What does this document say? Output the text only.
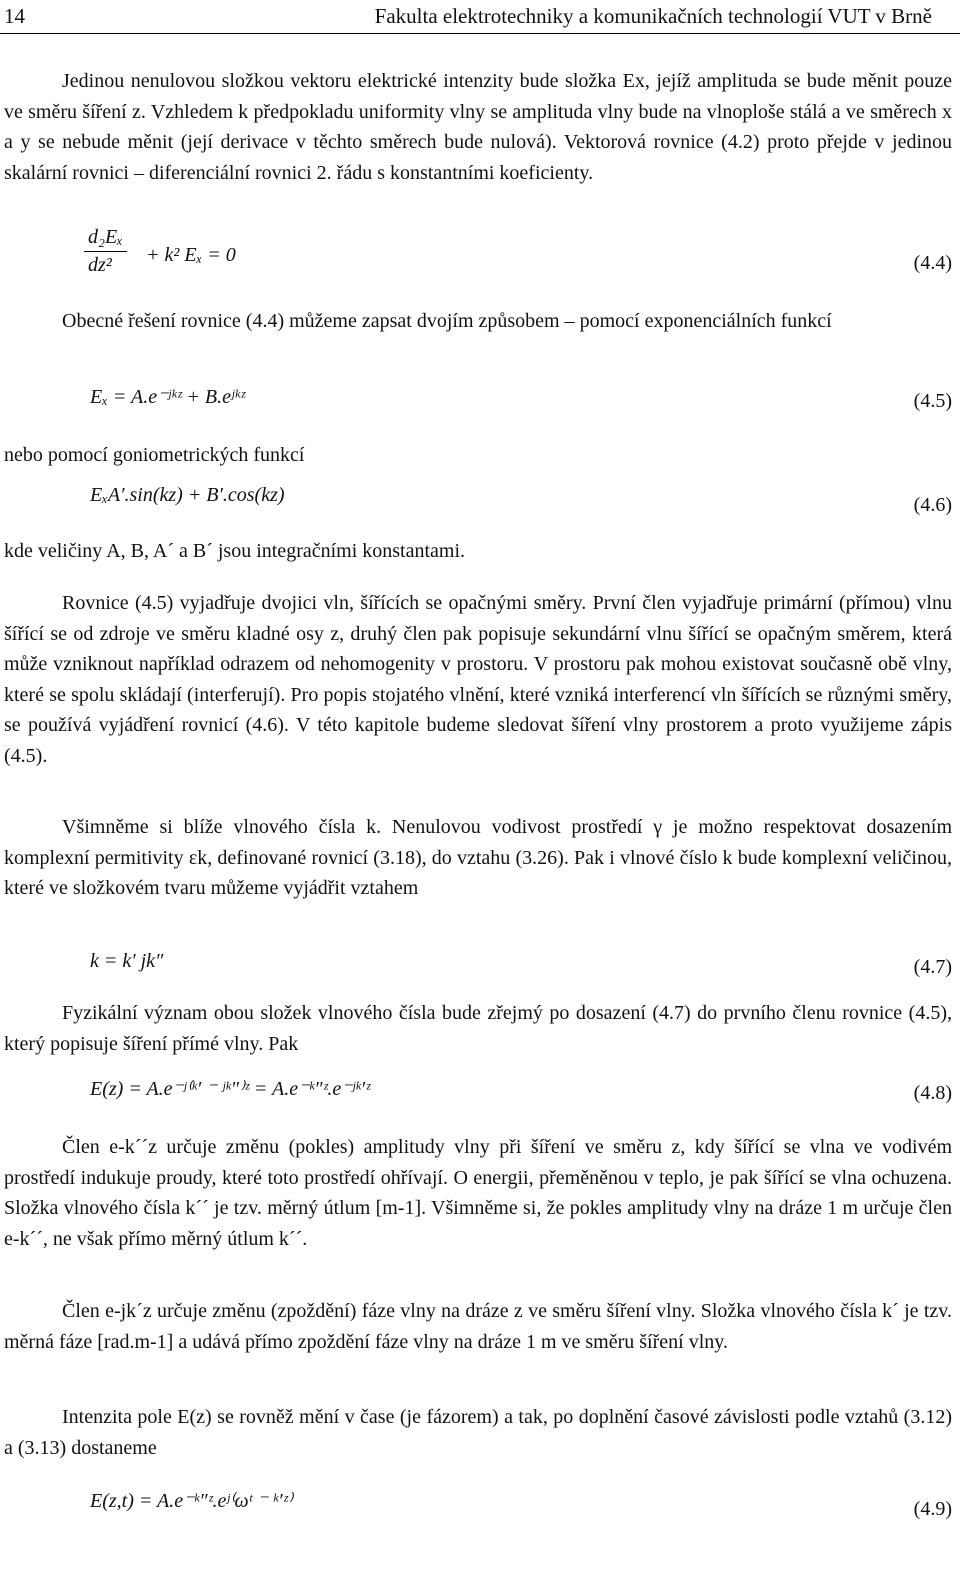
14	Fakulta elektrotechniky a komunikačních technologií VUT v Brně

Jedinou nenulovou složkou vektoru elektrické intenzity bude složka Ex, jejíž amplituda se bude měnit pouze ve směru šíření z. Vzhledem k předpokladu uniformity vlny se amplituda vlny bude na vlnoploše stálá a ve směrech x a y se nebude měnit (její derivace v těchto směrech bude nulová). Vektorová rovnice (4.2) proto přejde v jedinou skalární rovnici – diferenciální rovnici 2. řádu s konstantními koeficienty.

$\frac{\text{d₂Eₓ}}{\text{dz²}} + k^2$ Eₓ = 0	(4.4)

Obecné řešení rovnice (4.4) můžeme zapsat dvojím způsobem – pomocí exponenciálních funkcí

Eₓ = A.e⁻ʲᵏᶻ + B.eʲᵏᶻ	(4.5)

nebo pomocí goniometrických funkcí

EₓA′.sin(kz) + B′.cos(kz)	(4.6)

kde veličiny A, B, A´ a B´ jsou integračními konstantami.

Rovnice (4.5) vyjadřuje dvojici vln, šířících se opačnými směry. První člen vyjadřuje primární (přímou) vlnu šířící se od zdroje ve směru kladné osy z, druhý člen pak popisuje sekundární vlnu šířící se opačným směrem, která může vzniknout například odrazem od nehomogenity v prostoru. V prostoru pak mohou existovat současně obě vlny, které se spolu skládají (interferují). Pro popis stojatého vlnění, které vzniká interferencí vln šířících se různými směry, se používá vyjádření rovnicí (4.6). V této kapitole budeme sledovat šíření vlny prostorem a proto využijeme zápis (4.5).

Všimněme si blíže vlnového čísla k. Nenulovou vodivost prostředí γ je možno respektovat dosazením komplexní permitivity εk, definované rovnicí (3.18), do vztahu (3.26). Pak i vlnové číslo k bude komplexní veličinou, které ve složkovém tvaru můžeme vyjádřit vztahem

k = k′ jk″	(4.7)

Fyzikální význam obou složek vlnového čísla bude zřejmý po dosazení (4.7) do prvního členu rovnice (4.5), který popisuje šíření přímé vlny. Pak

E(z) = A.e⁻ʲ⁽ᵏ′ ⁻ ʲᵏ″⁾ᶻ = A.e⁻ᵏ″ᶻ.e⁻ʲᵏ′ᶻ	(4.8)

Člen e-k´´z určuje změnu (pokles) amplitudy vlny při šíření ve směru z, kdy šířící se vlna ve vodivém prostředí indukuje proudy, které toto prostředí ohřívají. O energii, přeměněnou v teplo, je pak šířící se vlna ochuzena. Složka vlnového čísla k´´ je tzv. měrný útlum [m-1]. Všimněme si, že pokles amplitudy vlny na dráze 1 m určuje člen e-k´´, ne však přímo měrný útlum k´´.

Člen e-jk´z určuje změnu (zpoždění) fáze vlny na dráze z ve směru šíření vlny. Složka vlnového čísla k´ je tzv. měrná fáze [rad.m-1] a udává přímo zpoždění fáze vlny na dráze 1 m ve směru šíření vlny.

Intenzita pole E(z) se rovněž mění v čase (je fázorem) a tak, po doplnění časové závislosti podle vztahů (3.12) a (3.13) dostaneme

E(z,t) = A.e⁻ᵏ″ᶻ.eʲ⁽ωᵗ ⁻ ᵏ′ᶻ⁾	(4.9)
